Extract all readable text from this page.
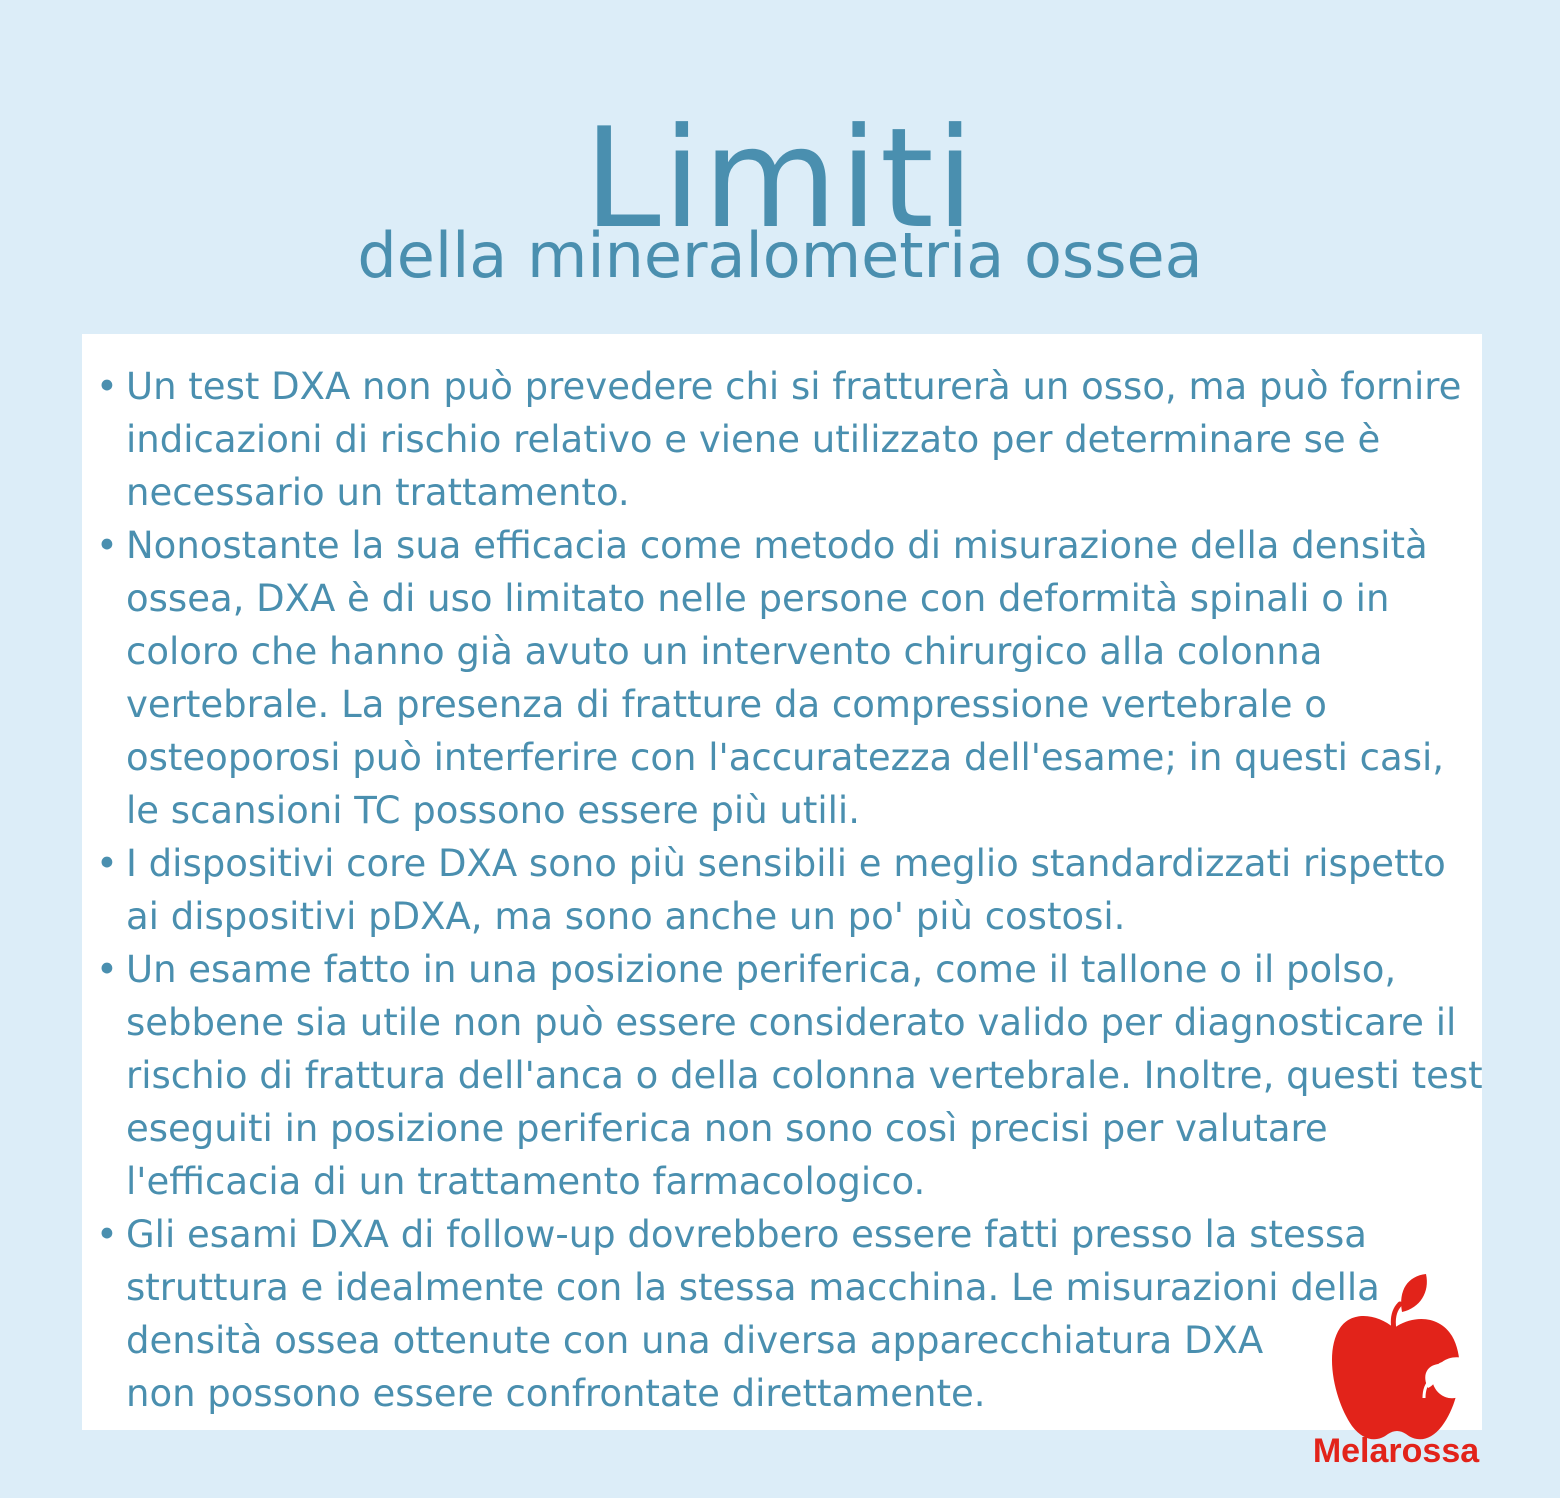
Limiti
della mineralometria ossea
• Un test DXA non può prevedere chi si fratturerà un osso, ma può fornire
indicazioni di rischio relativo e viene utilizzato per determinare se è
necessario un trattamento.
• Nonostante la sua efficacia come metodo di misurazione della densità
ossea, DXA è di uso limitato nelle persone con deformità spinali o in
coloro che hanno già avuto un intervento chirurgico alla colonna
vertebrale. La presenza di fratture da compressione vertebrale o
osteoporosi può interferire con l'accuratezza dell'esame; in questi casi,
le scansioni TC possono essere più utili.
• I dispositivi core DXA sono più sensibili e meglio standardizzati rispetto
ai dispositivi pDXA, ma sono anche un po' più costosi.
• Un esame fatto in una posizione periferica, come il tallone o il polso,
sebbene sia utile non può essere considerato valido per diagnosticare il
rischio di frattura dell'anca o della colonna vertebrale. Inoltre, questi test
eseguiti in posizione periferica non sono così precisi per valutare
l'efficacia di un trattamento farmacologico.
• Gli esami DXA di follow-up dovrebbero essere fatti presso la stessa
struttura e idealmente con la stessa macchina. Le misurazioni della
densità ossea ottenute con una diversa apparecchiatura DXA
non possono essere confrontate direttamente.
Melarossa
